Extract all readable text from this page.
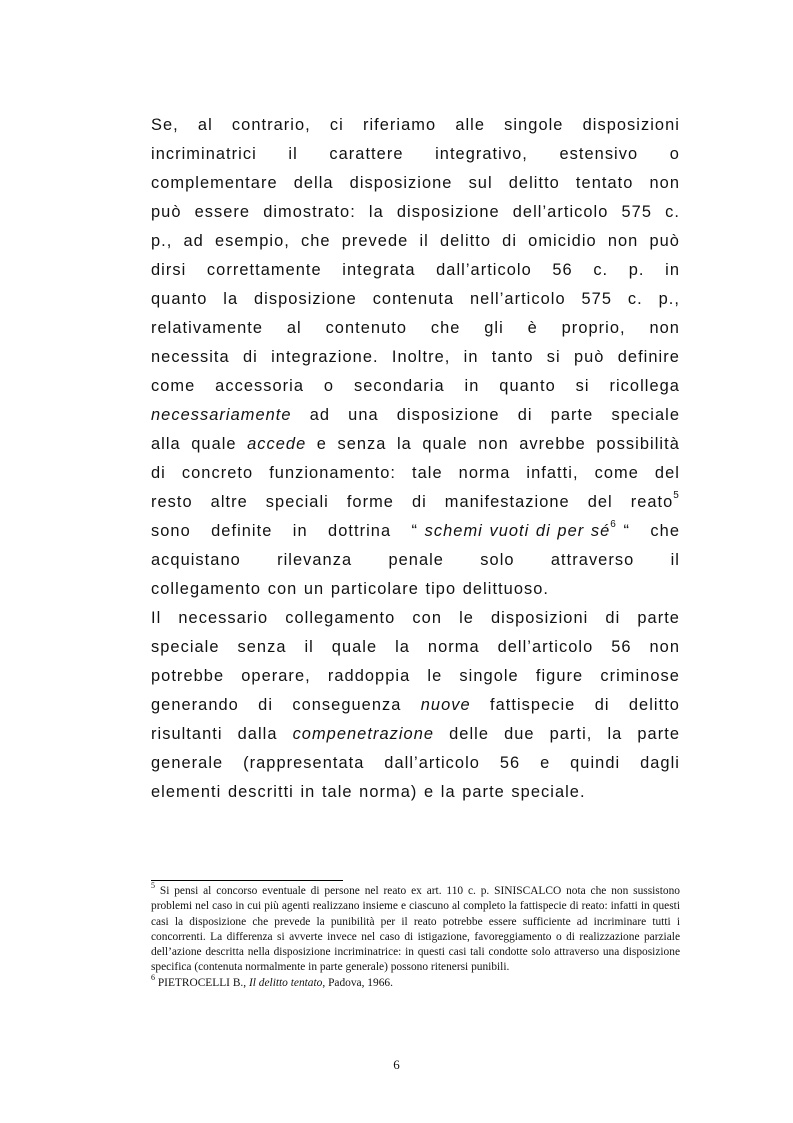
Se, al contrario, ci riferiamo alle singole disposizioni
incriminatrici il carattere integrativo, estensivo o
complementare della disposizione sul delitto tentato non
può essere dimostrato: la disposizione dell’articolo 575 c.
p., ad esempio, che prevede il delitto di omicidio non può
dirsi correttamente integrata dall’articolo 56 c. p. in
quanto la disposizione contenuta nell’articolo 575 c. p.,
relativamente al contenuto che gli è proprio, non
necessita di integrazione. Inoltre, in tanto si può definire
come accessoria o secondaria in quanto si ricollega
necessariamente ad una disposizione di parte speciale
alla quale accede e senza la quale non avrebbe possibilità
di concreto funzionamento: tale norma infatti, come del
resto altre speciali forme di manifestazione del reato$^5$
sono definite in dottrina “ schemi vuoti di per $sé^6$ “ che
acquistano rilevanza penale solo attraverso il
collegamento con un particolare tipo delittuoso.
Il necessario collegamento con le disposizioni di parte
speciale senza il quale la norma dell’articolo 56 non
potrebbe operare, raddoppia le singole figure criminose
generando di conseguenza nuove fattispecie di delitto
risultanti dalla compenetrazione delle due parti, la parte
generale (rappresentata dall’articolo 56 e quindi dagli
elementi descritti in tale norma) e la parte speciale.

$^5$ Si pensi al concorso eventuale di persone nel reato ex art. 110 c. p. SINISCALCO nota che non sussistono problemi nel caso in cui più agenti realizzano insieme e ciascuno al completo la fattispecie di reato: infatti in questi casi la disposizione che prevede la punibilità per il reato potrebbe essere sufficiente ad incriminare tutti i concorrenti. La differenza si avverte invece nel caso di istigazione, favoreggiamento o di realizzazione parziale dell’azione descritta nella disposizione incriminatrice: in questi casi tali condotte solo attraverso una disposizione specifica (contenuta normalmente in parte generale) possono ritenersi punibili.

$^6$ PIETROCELLI B., Il delitto tentato, Padova, 1966.

6
